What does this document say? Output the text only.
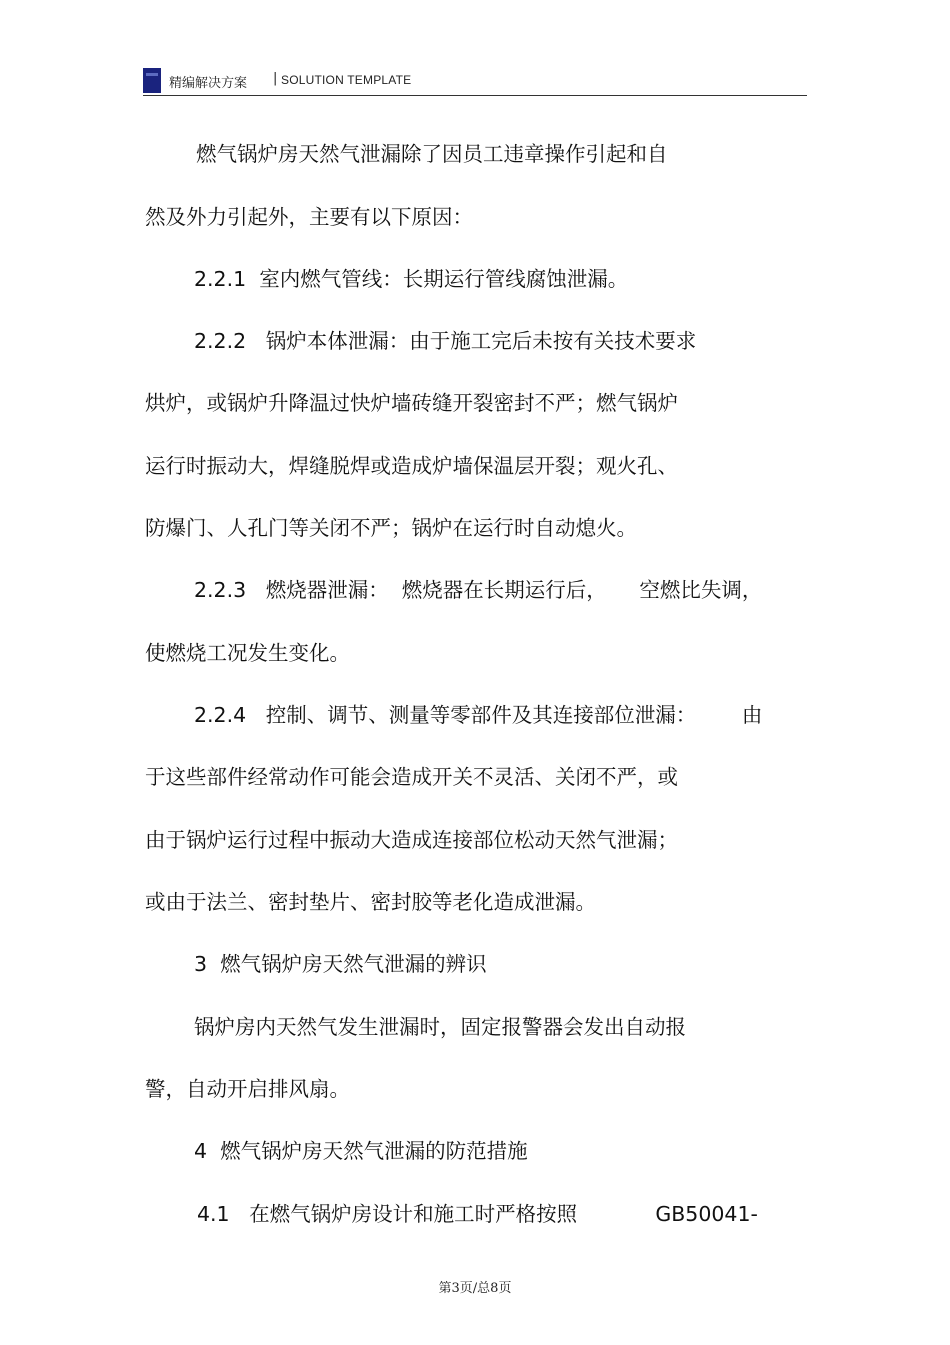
精编解决方案 | SOLUTION TEMPLATE
燃气锅炉房天然气泄漏除了因员工违章操作引起和自
然及外力引起外，主要有以下原因：
2.2.1  室内燃气管线：长期运行管线腐蚀泄漏。
2.2.2   锅炉本体泄漏：由于施工完后未按有关技术要求
烘炉，或锅炉升降温过快炉墙砖缝开裂密封不严；燃气锅炉
运行时振动大，焊缝脱焊或造成炉墙保温层开裂；观火孔、
防爆门、人孔门等关闭不严；锅炉在运行时自动熄火。
2.2.3   燃烧器泄漏：  燃烧器在长期运行后，     空燃比失调，
使燃烧工况发生变化。
2.2.4   控制、调节、测量等零部件及其连接部位泄漏：       由
于这些部件经常动作可能会造成开关不灵活、关闭不严，或
由于锅炉运行过程中振动大造成连接部位松动天然气泄漏；
或由于法兰、密封垫片、密封胶等老化造成泄漏。
3  燃气锅炉房天然气泄漏的辨识
锅炉房内天然气发生泄漏时，固定报警器会发出自动报
警，自动开启排风扇。
4  燃气锅炉房天然气泄漏的防范措施
4.1   在燃气锅炉房设计和施工时严格按照            GB50041-
第3页/总8页
